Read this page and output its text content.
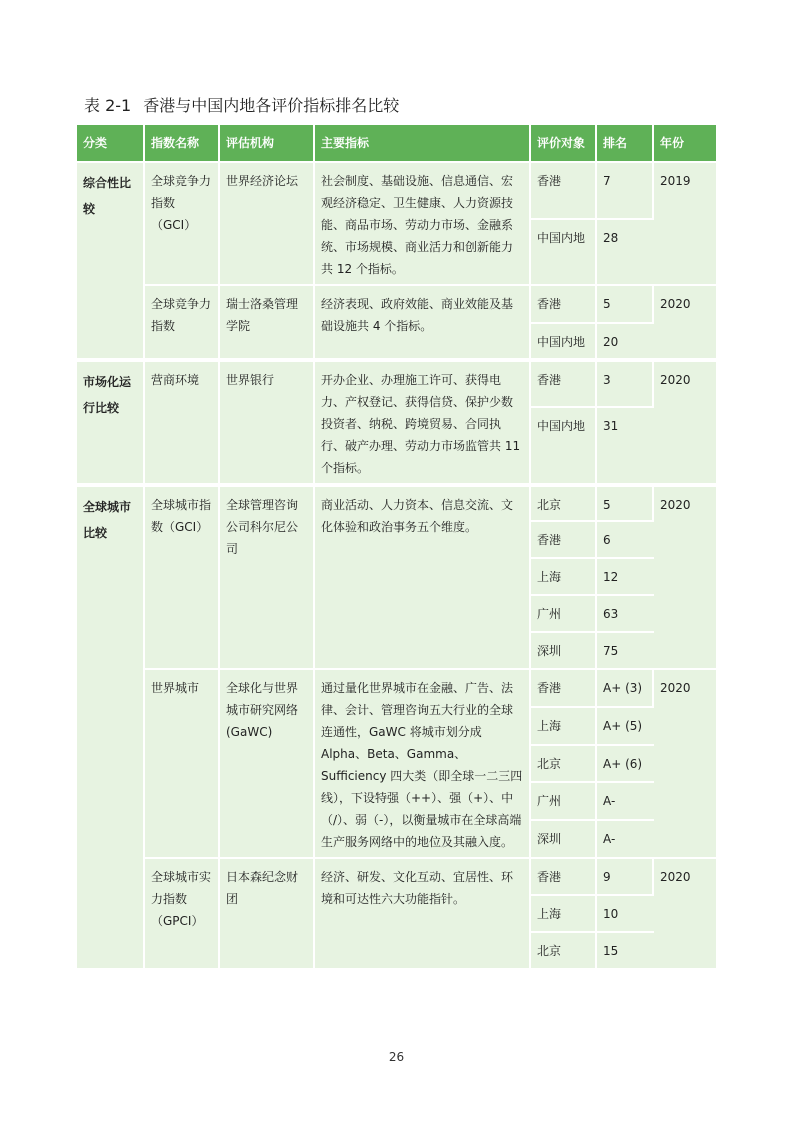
表 2-1 香港与中国内地各评价指标排名比较
分类	指数名称	评估机构	主要指标	评价对象	排名	年份
综合性比较	全球竞争力指数（GCI）	世界经济论坛	社会制度、基础设施、信息通信、宏观经济稳定、卫生健康、人力资源技能、商品市场、劳动力市场、金融系统、市场规模、商业活力和创新能力共 12 个指标。	香港	7	2019
				中国内地	28	
	全球竞争力指数	瑞士洛桑管理学院	经济表现、政府效能、商业效能及基础设施共 4 个指标。	香港	5	2020
				中国内地	20	
市场化运行比较	营商环境	世界银行	开办企业、办理施工许可、获得电力、产权登记、获得信贷、保护少数投资者、纳税、跨境贸易、合同执行、破产办理、劳动力市场监管共 11 个指标。	香港	3	2020
				中国内地	31	
全球城市比较	全球城市指数（GCI）	全球管理咨询公司科尔尼公司	商业活动、人力资本、信息交流、文化体验和政治事务五个维度。	北京	5	2020
				香港	6	
				上海	12	
				广州	63	
				深圳	75	
	世界城市	全球化与世界城市研究网络(GaWC)	通过量化世界城市在金融、广告、法律、会计、管理咨询五大行业的全球连通性，GaWC 将城市划分成 Alpha、Beta、Gamma、Sufficiency 四大类（即全球一二三四线），下设特强（++）、强（+）、中（/）、弱（-），以衡量城市在全球高端生产服务网络中的地位及其融入度。	香港	A+ (3)	2020
				上海	A+ (5)	
				北京	A+ (6)	
				广州	A-	
				深圳	A-	
	全球城市实力指数（GPCI）	日本森纪念财团	经济、研发、文化互动、宜居性、环境和可达性六大功能指针。	香港	9	2020
				上海	10	
				北京	15	
26
